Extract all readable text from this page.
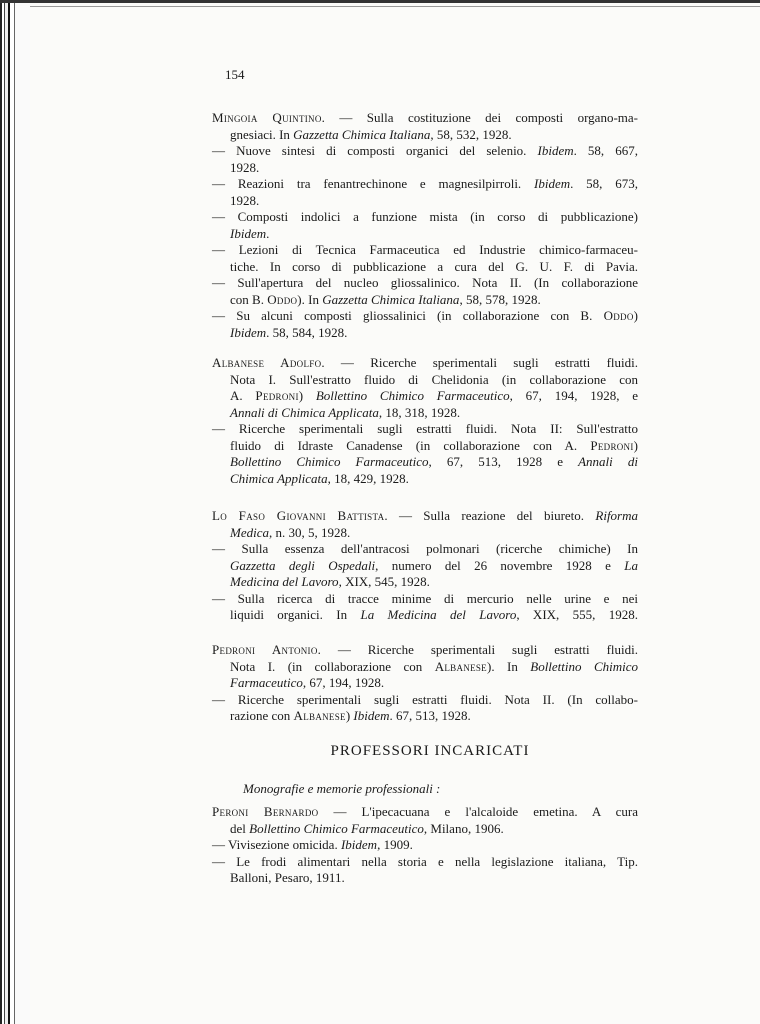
154
Mingoia Quintino. — Sulla costituzione dei composti organo-ma-
gnesiaci. In Gazzetta Chimica Italiana, 58, 532, 1928.
— Nuove sintesi di composti organici del selenio. Ibidem. 58, 667,
1928.
— Reazioni tra fenantrechinone e magnesilpirroli. Ibidem. 58, 673,
1928.
— Composti indolici a funzione mista (in corso di pubblicazione)
Ibidem.
— Lezioni di Tecnica Farmaceutica ed Industrie chimico-farmaceu-
tiche. In corso di pubblicazione a cura del G. U. F. di Pavia.
— Sull'apertura del nucleo gliossalinico. Nota II. (In collaborazione
con B. Oddo). In Gazzetta Chimica Italiana, 58, 578, 1928.
— Su alcuni composti gliossalinici (in collaborazione con B. Oddo)
Ibidem. 58, 584, 1928.
Albanese Adolfo. — Ricerche sperimentali sugli estratti fluidi.
Nota I. Sull'estratto fluido di Chelidonia (in collaborazione con
A. Pedroni) Bollettino Chimico Farmaceutico, 67, 194, 1928, e
Annali di Chimica Applicata, 18, 318, 1928.
— Ricerche sperimentali sugli estratti fluidi. Nota II: Sull'estratto
fluido di Idraste Canadense (in collaborazione con A. Pedroni)
Bollettino Chimico Farmaceutico, 67, 513, 1928 e Annali di
Chimica Applicata, 18, 429, 1928.
Lo Faso Giovanni Battista. — Sulla reazione del biureto. Riforma
Medica, n. 30, 5, 1928.
— Sulla essenza dell'antracosi polmonari (ricerche chimiche) In
Gazzetta degli Ospedali, numero del 26 novembre 1928 e La
Medicina del Lavoro, XIX, 545, 1928.
— Sulla ricerca di tracce minime di mercurio nelle urine e nei
liquidi organici. In La Medicina del Lavoro, XIX, 555, 1928.
Pedroni Antonio. — Ricerche sperimentali sugli estratti fluidi.
Nota I. (in collaborazione con Albanese). In Bollettino Chimico
Farmaceutico, 67, 194, 1928.
— Ricerche sperimentali sugli estratti fluidi. Nota II. (In collabo-
razione con Albanese) Ibidem. 67, 513, 1928.
Peroni Bernardo — L'ipecacuana e l'alcaloide emetina. A cura
del Bollettino Chimico Farmaceutico, Milano, 1906.
— Vivisezione omicida. Ibidem, 1909.
— Le frodi alimentari nella storia e nella legislazione italiana, Tip.
Balloni, Pesaro, 1911.
PROFESSORI INCARICATI
Monografie e memorie professionali :
